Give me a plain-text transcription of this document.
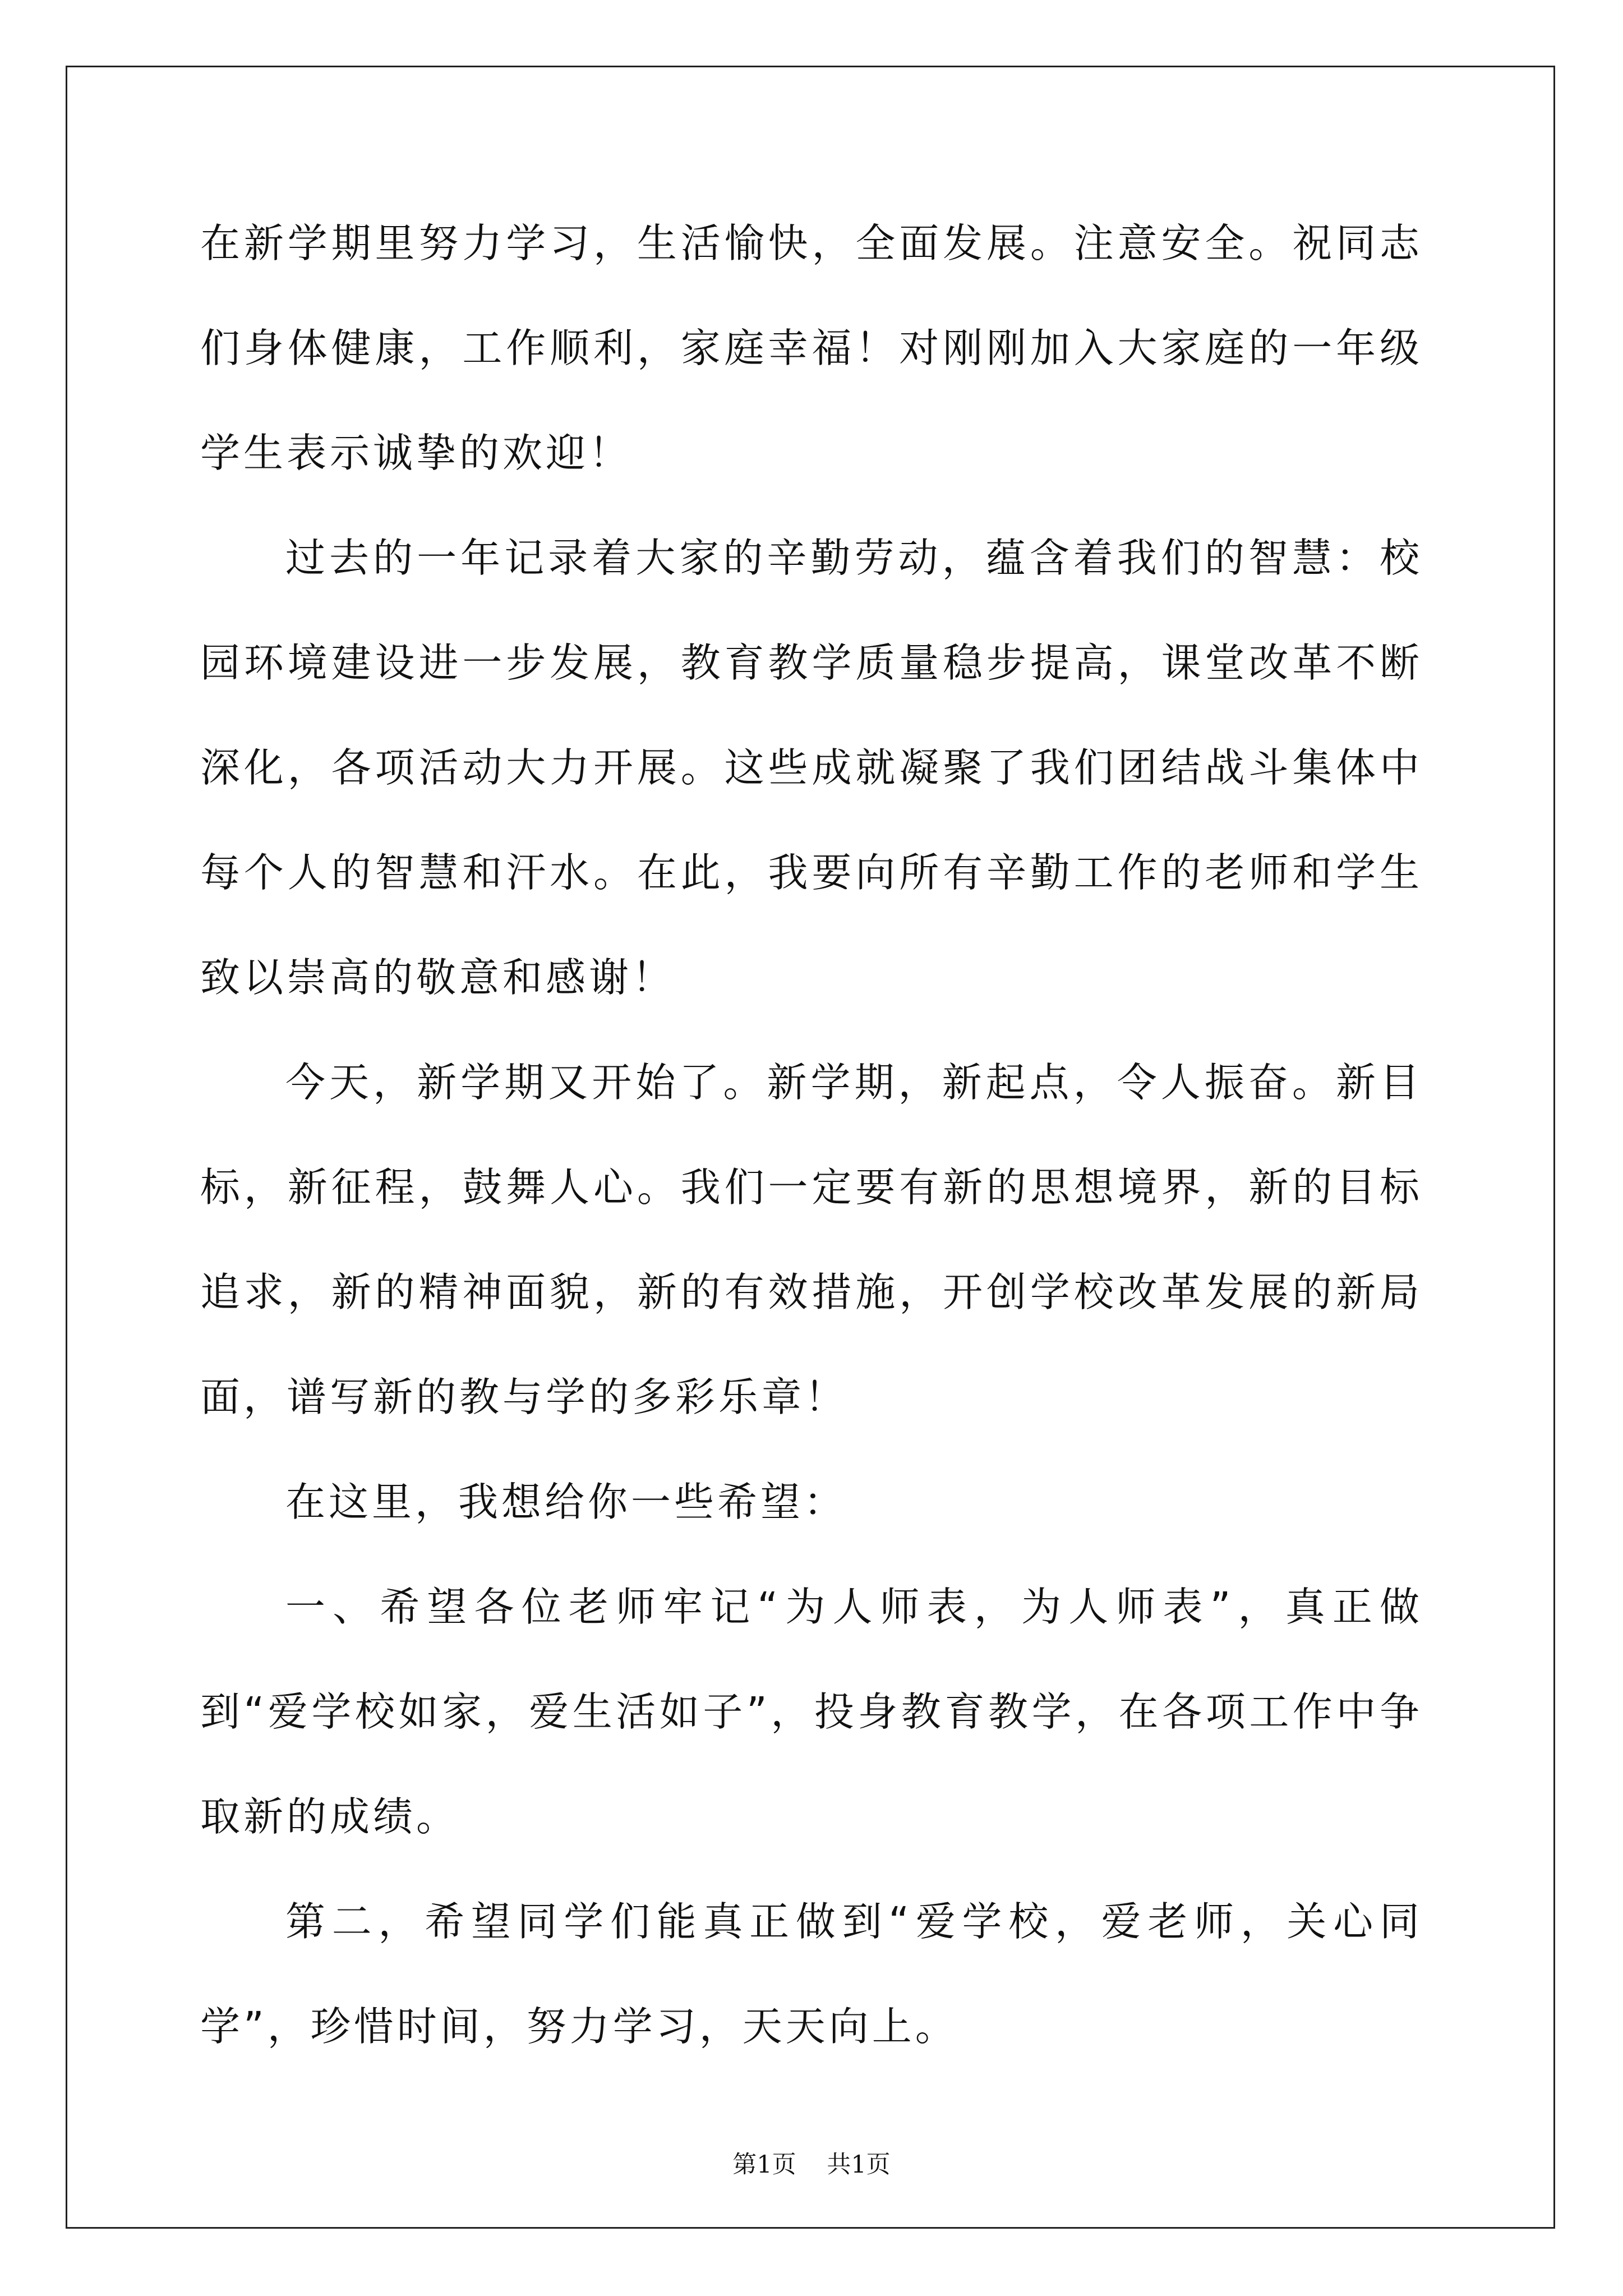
在新学期里努力学习，生活愉快，全面发展。注意安全。祝同志们身体健康，工作顺利，家庭幸福！对刚刚加入大家庭的一年级学生表示诚挚的欢迎！

过去的一年记录着大家的辛勤劳动，蕴含着我们的智慧：校园环境建设进一步发展，教育教学质量稳步提高，课堂改革不断深化，各项活动大力开展。这些成就凝聚了我们团结战斗集体中每个人的智慧和汗水。在此，我要向所有辛勤工作的老师和学生致以崇高的敬意和感谢！

今天，新学期又开始了。新学期，新起点，令人振奋。新目标，新征程，鼓舞人心。我们一定要有新的思想境界，新的目标追求，新的精神面貌，新的有效措施，开创学校改革发展的新局面，谱写新的教与学的多彩乐章！

在这里，我想给你一些希望：

一、希望各位老师牢记“为人师表，为人师表”，真正做到“爱学校如家，爱生活如子”，投身教育教学，在各项工作中争取新的成绩。

第二，希望同学们能真正做到“爱学校，爱老师，关心同学”，珍惜时间，努力学习，天天向上。

第1页    共1页
